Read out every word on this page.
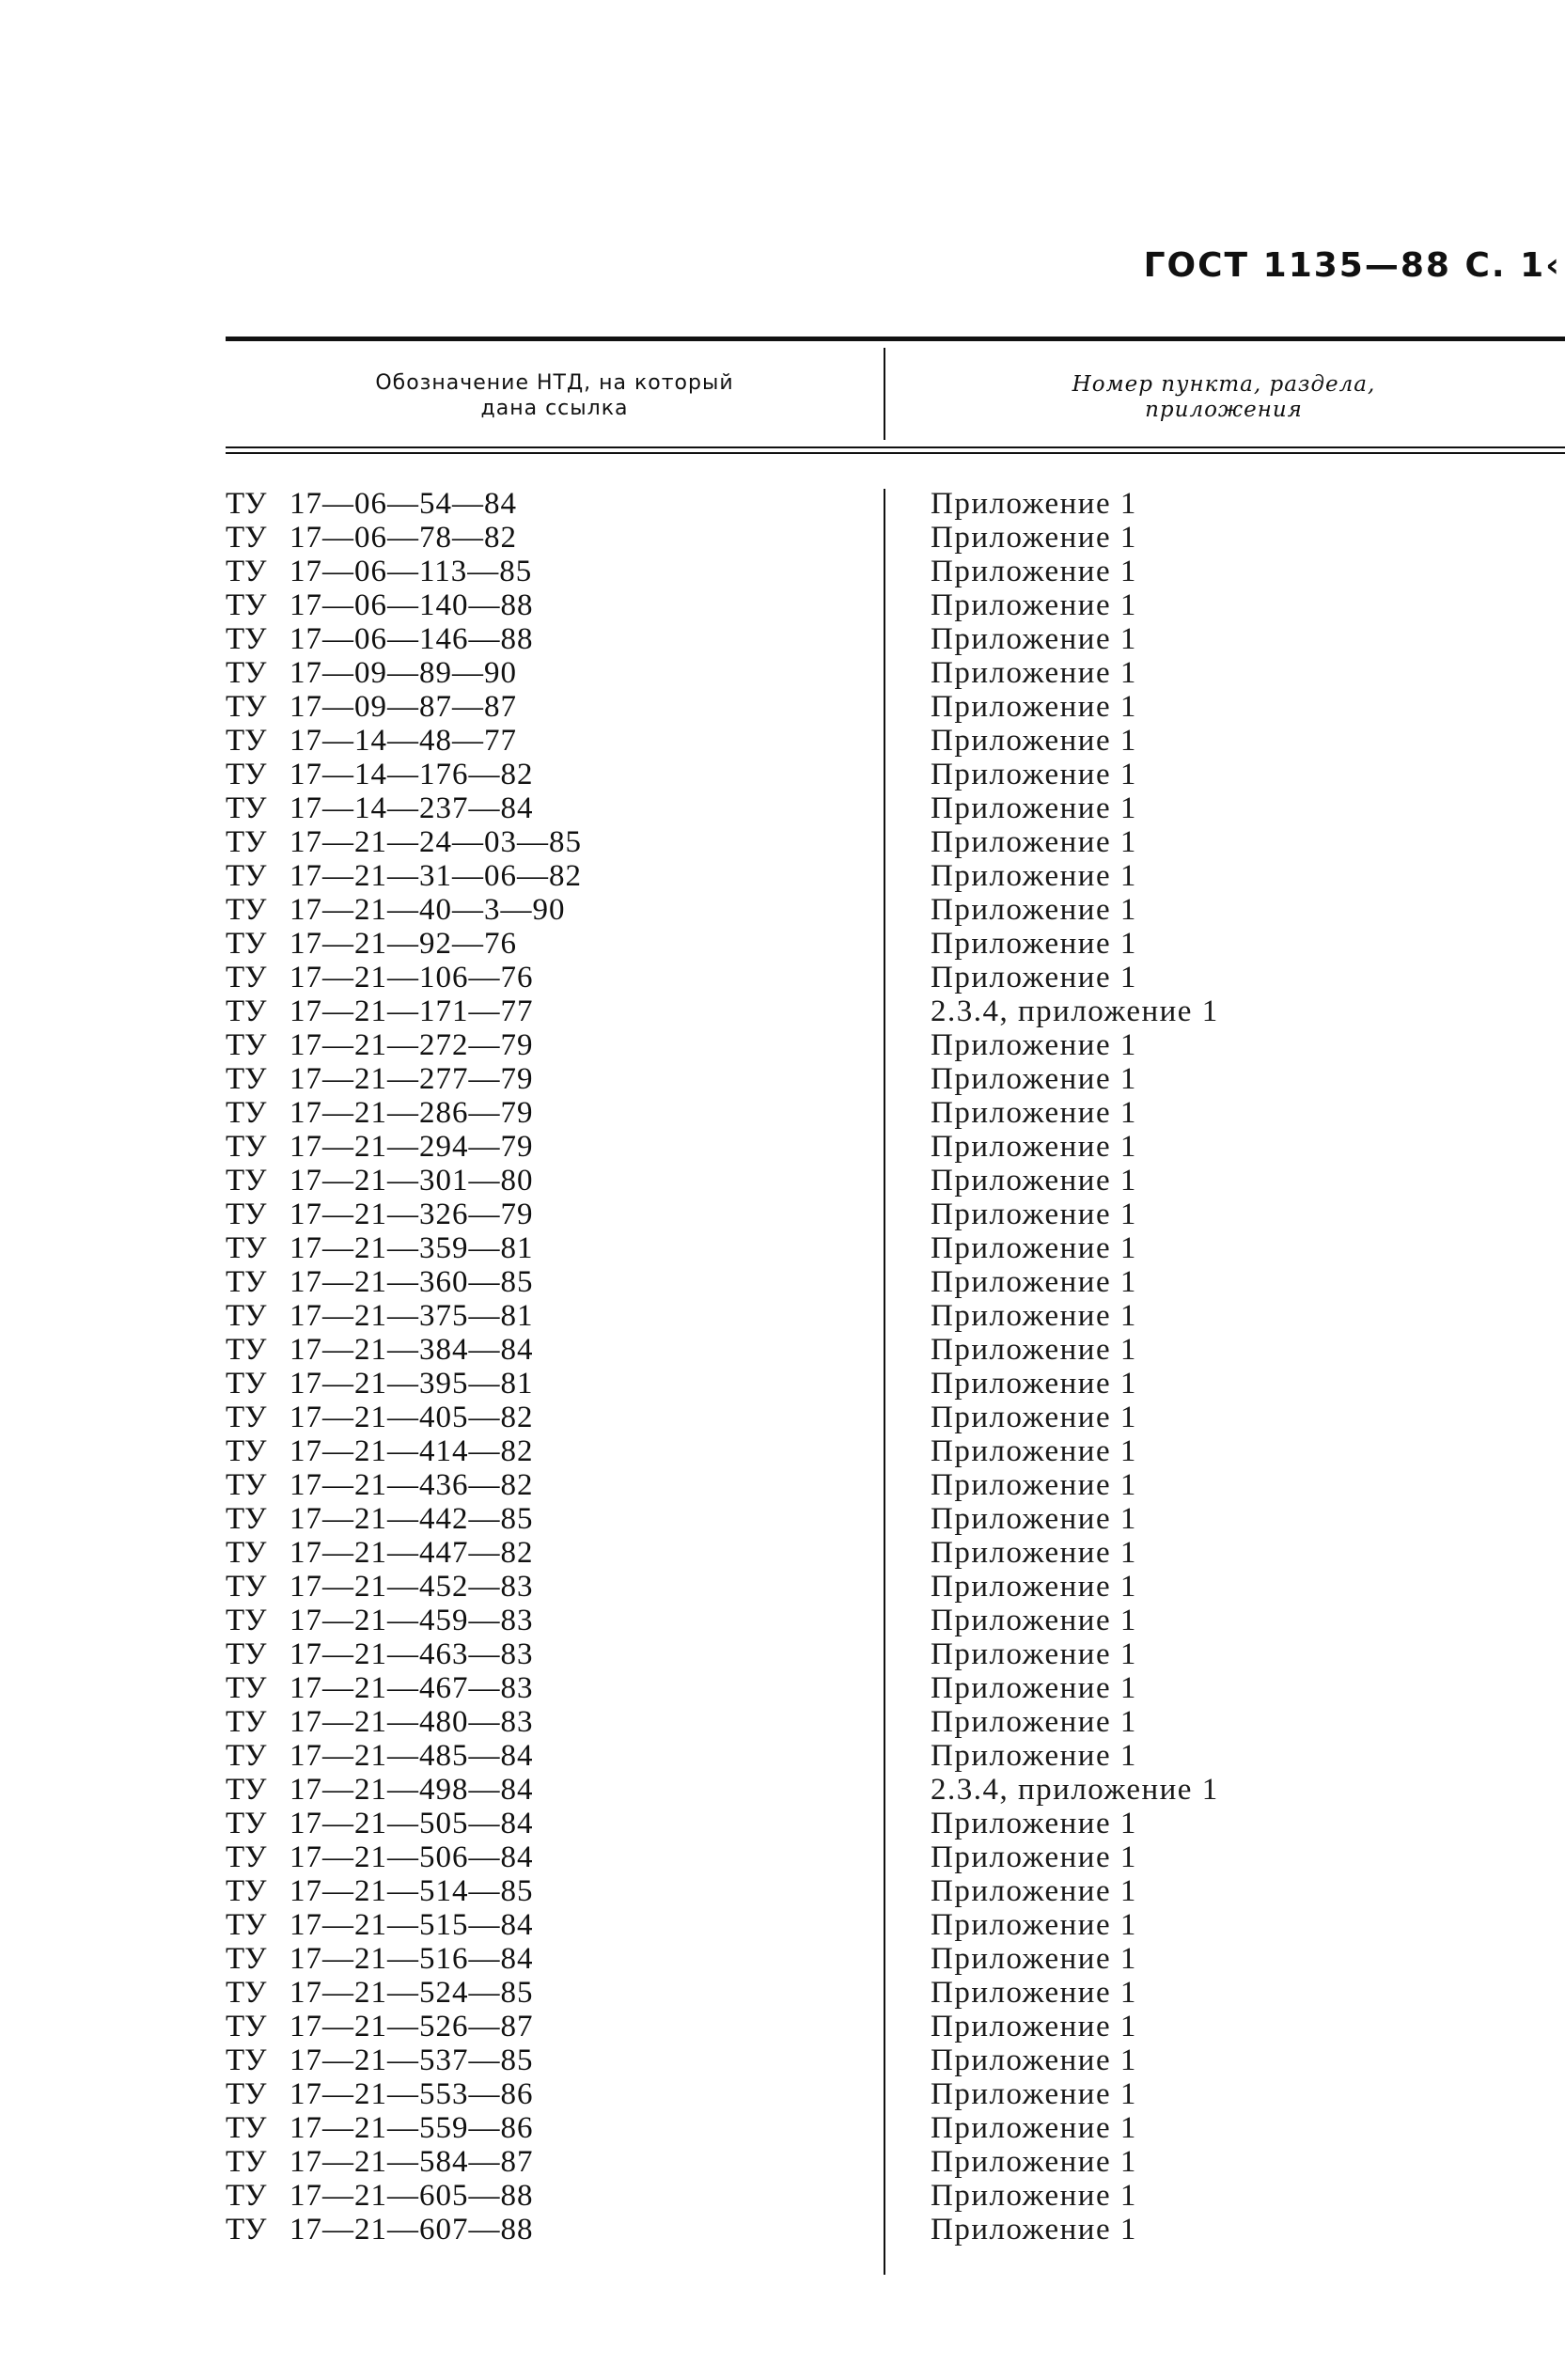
ГОСТ 1135—88 С. 1‹
Обозначение НТД, на который
дана ссылка
Номер пункта, раздела,
приложения
ТУ 17—06—54—84
ТУ 17—06—78—82
ТУ 17—06—113—85
ТУ 17—06—140—88
ТУ 17—06—146—88
ТУ 17—09—89—90
ТУ 17—09—87—87
ТУ 17—14—48—77
ТУ 17—14—176—82
ТУ 17—14—237—84
ТУ 17—21—24—03—85
ТУ 17—21—31—06—82
ТУ 17—21—40—3—90
ТУ 17—21—92—76
ТУ 17—21—106—76
ТУ 17—21—171—77
ТУ 17—21—272—79
ТУ 17—21—277—79
ТУ 17—21—286—79
ТУ 17—21—294—79
ТУ 17—21—301—80
ТУ 17—21—326—79
ТУ 17—21—359—81
ТУ 17—21—360—85
ТУ 17—21—375—81
ТУ 17—21—384—84
ТУ 17—21—395—81
ТУ 17—21—405—82
ТУ 17—21—414—82
ТУ 17—21—436—82
ТУ 17—21—442—85
ТУ 17—21—447—82
ТУ 17—21—452—83
ТУ 17—21—459—83
ТУ 17—21—463—83
ТУ 17—21—467—83
ТУ 17—21—480—83
ТУ 17—21—485—84
ТУ 17—21—498—84
ТУ 17—21—505—84
ТУ 17—21—506—84
ТУ 17—21—514—85
ТУ 17—21—515—84
ТУ 17—21—516—84
ТУ 17—21—524—85
ТУ 17—21—526—87
ТУ 17—21—537—85
ТУ 17—21—553—86
ТУ 17—21—559—86
ТУ 17—21—584—87
ТУ 17—21—605—88
ТУ 17—21—607—88
Приложение 1
Приложение 1
Приложение 1
Приложение 1
Приложение 1
Приложение 1
Приложение 1
Приложение 1
Приложение 1
Приложение 1
Приложение 1
Приложение 1
Приложение 1
Приложение 1
Приложение 1
2.3.4, приложение 1
Приложение 1
Приложение 1
Приложение 1
Приложение 1
Приложение 1
Приложение 1
Приложение 1
Приложение 1
Приложение 1
Приложение 1
Приложение 1
Приложение 1
Приложение 1
Приложение 1
Приложение 1
Приложение 1
Приложение 1
Приложение 1
Приложение 1
Приложение 1
Приложение 1
Приложение 1
2.3.4, приложение 1
Приложение 1
Приложение 1
Приложение 1
Приложение 1
Приложение 1
Приложение 1
Приложение 1
Приложение 1
Приложение 1
Приложение 1
Приложение 1
Приложение 1
Приложение 1
